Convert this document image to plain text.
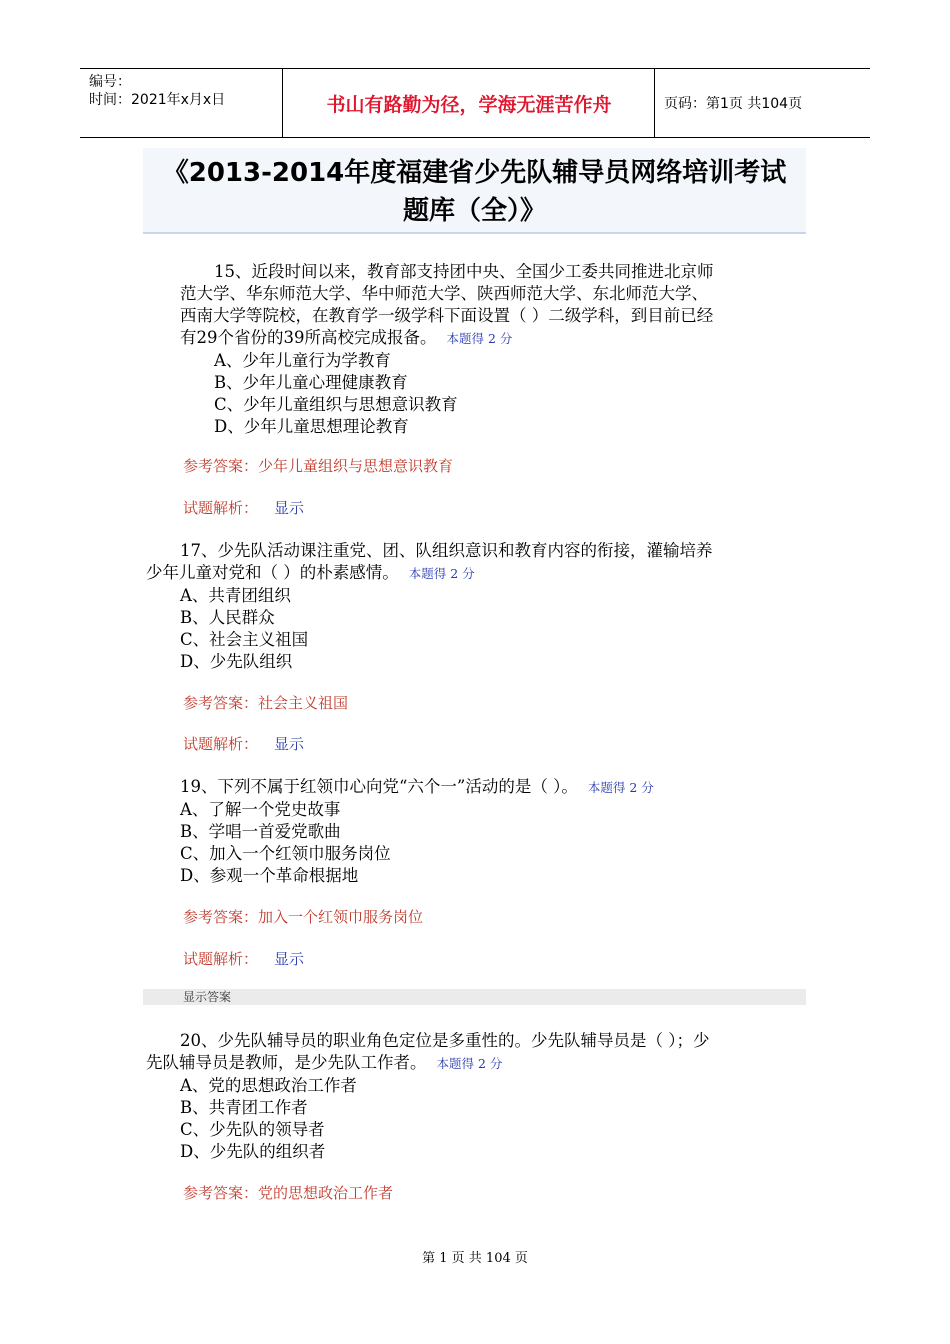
编号：
时间：2021年x月x日	书山有路勤为径，学海无涯苦作舟	页码：第1页 共104页
《2013-2014年度福建省少先队辅导员网络培训考试
题库（全）》
15、近段时间以来，教育部支持团中央、全国少工委共同推进北京师
范大学、华东师范大学、华中师范大学、陕西师范大学、东北师范大学、
西南大学等院校，在教育学一级学科下面设置（ ）二级学科，到目前已经
有29个省份的39所高校完成报备。 本题得 2 分
A、少年儿童行为学教育
B、少年儿童心理健康教育
C、少年儿童组织与思想意识教育
D、少年儿童思想理论教育
参考答案：少年儿童组织与思想意识教育
试题解析： 显示
17、少先队活动课注重党、团、队组织意识和教育内容的衔接，灌输培养
少年儿童对党和（ ）的朴素感情。 本题得 2 分
A、共青团组织
B、人民群众
C、社会主义祖国
D、少先队组织
参考答案：社会主义祖国
试题解析： 显示
19、下列不属于红领巾心向党“六个一”活动的是（ ）。 本题得 2 分
A、了解一个党史故事
B、学唱一首爱党歌曲
C、加入一个红领巾服务岗位
D、参观一个革命根据地
参考答案：加入一个红领巾服务岗位
试题解析： 显示
显示答案
20、少先队辅导员的职业角色定位是多重性的。少先队辅导员是（ ）；少
先队辅导员是教师，是少先队工作者。 本题得 2 分
A、党的思想政治工作者
B、共青团工作者
C、少先队的领导者
D、少先队的组织者
参考答案：党的思想政治工作者
第 1 页 共 104 页
